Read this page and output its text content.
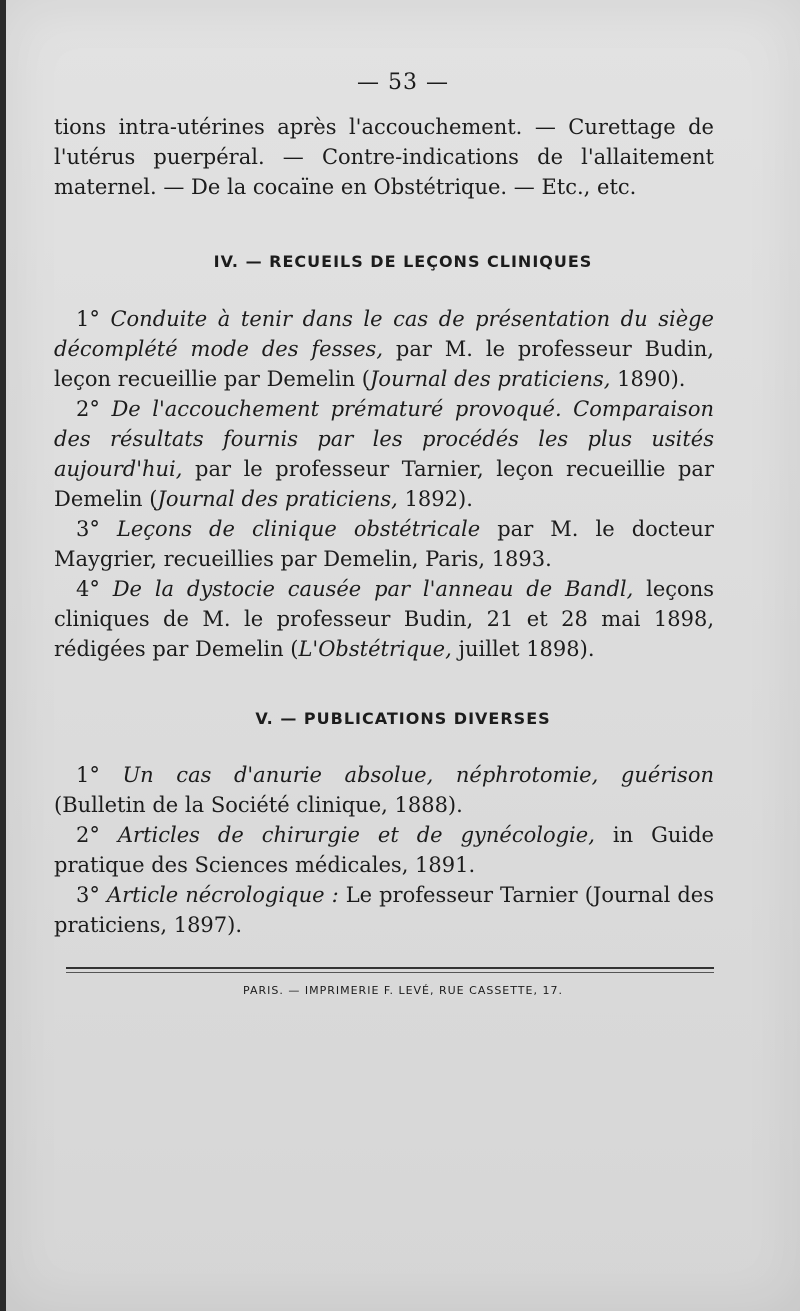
— 53 —

tions intra-utérines après l'accouchement. — Curettage de l'utérus puerpéral. — Contre-indications de l'allaitement maternel. — De la cocaïne en Obstétrique. — Etc., etc.

IV. — RECUEILS DE LEÇONS CLINIQUES

1° Conduite à tenir dans le cas de présentation du siège décomplété mode des fesses, par M. le professeur Budin, leçon recueillie par Demelin (Journal des praticiens, 1890).

2° De l'accouchement prématuré provoqué. Comparaison des résultats fournis par les procédés les plus usités aujourd'hui, par le professeur Tarnier, leçon recueillie par Demelin (Journal des praticiens, 1892).

3° Leçons de clinique obstétricale par M. le docteur Maygrier, recueillies par Demelin, Paris, 1893.

4° De la dystocie causée par l'anneau de Bandl, leçons cliniques de M. le professeur Budin, 21 et 28 mai 1898, rédigées par Demelin (L'Obstétrique, juillet 1898).

V. — PUBLICATIONS DIVERSES

1° Un cas d'anurie absolue, néphrotomie, guérison (Bulletin de la Société clinique, 1888).

2° Articles de chirurgie et de gynécologie, in Guide pratique des Sciences médicales, 1891.

3° Article nécrologique : Le professeur Tarnier (Journal des praticiens, 1897).

PARIS. — IMPRIMERIE F. LEVÉ, RUE CASSETTE, 17.
